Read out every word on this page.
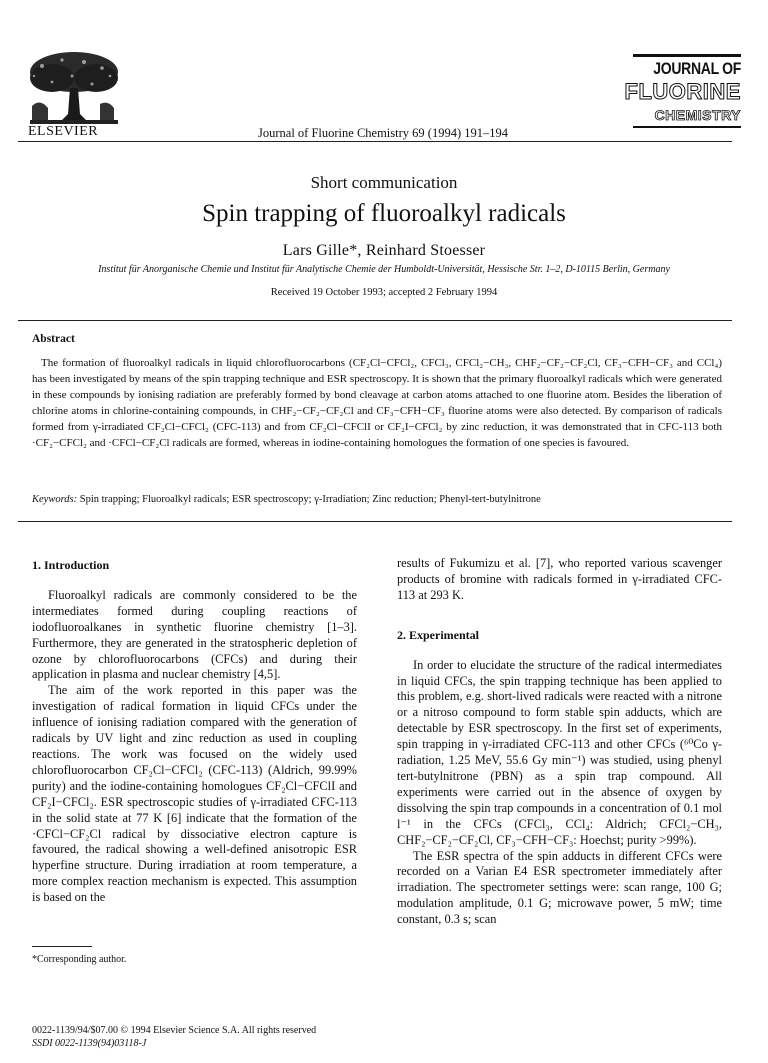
ELSEVIER	Journal of Fluorine Chemistry 69 (1994) 191–194
JOURNAL OF
FLUORINE
CHEMISTRY
Short communication
Spin trapping of fluoroalkyl radicals
Lars Gille*, Reinhard Stoesser
Institut für Anorganische Chemie und Institut für Analytische Chemie der Humboldt-Universität, Hessische Str. 1–2, D-10115 Berlin, Germany
Received 19 October 1993; accepted 2 February 1994
Abstract
The formation of fluoroalkyl radicals in liquid chlorofluorocarbons (CF₂Cl−CFCl₂, CFCl₃, CFCl₂−CH₃, CHF₂−CF₂−CF₂Cl, CF₃−CFH−CF₃ and CCl₄) has been investigated by means of the spin trapping technique and ESR spectroscopy. It is shown that the primary fluoroalkyl radicals which were generated in these compounds by ionising radiation are preferably formed by bond cleavage at carbon atoms attached to one fluorine atom. Besides the liberation of chlorine atoms in chlorine-containing compounds, in CHF₂−CF₂−CF₂Cl and CF₃−CFH−CF₃ fluorine atoms were also detected. By comparison of radicals formed from γ-irradiated CF₂Cl−CFCl₂ (CFC-113) and from CF₂Cl−CFClI or CF₂I−CFCl₂ by zinc reduction, it was demonstrated that in CFC-113 both ·CF₂−CFCl₂ and ·CFCl−CF₂Cl radicals are formed, whereas in iodine-containing homologues the formation of one species is favoured.
Keywords: Spin trapping; Fluoroalkyl radicals; ESR spectroscopy; γ-Irradiation; Zinc reduction; Phenyl-tert-butylnitrone
1. Introduction

Fluoroalkyl radicals are commonly considered to be the intermediates formed during coupling reactions of iodofluoroalkanes in synthetic fluorine chemistry [1–3]. Furthermore, they are generated in the stratospheric depletion of ozone by chlorofluorocarbons (CFCs) and during their application in plasma and nuclear chemistry [4,5].

The aim of the work reported in this paper was the investigation of radical formation in liquid CFCs under the influence of ionising radiation compared with the generation of radicals by UV light and zinc reduction as used in coupling reactions. The work was focused on the widely used chlorofluorocarbon CF₂Cl−CFCl₂ (CFC-113) (Aldrich, 99.99% purity) and the iodine-containing homologues CF₂Cl−CFClI and CF₂I−CFCl₂. ESR spectroscopic studies of γ-irradiated CFC-113 in the solid state at 77 K [6] indicate that the formation of the ·CFCl−CF₂Cl radical by dissociative electron capture is favoured, the radical showing a well-defined anisotropic ESR hyperfine structure. During irradiation at room temperature, a more complex reaction mechanism is expected. This assumption is based on the

results of Fukumizu et al. [7], who reported various scavenger products of bromine with radicals formed in γ-irradiated CFC-113 at 293 K.

2. Experimental

In order to elucidate the structure of the radical intermediates in liquid CFCs, the spin trapping technique has been applied to this problem, e.g. short-lived radicals were reacted with a nitrone or a nitroso compound to form stable spin adducts, which are detectable by ESR spectroscopy. In the first set of experiments, spin trapping in γ-irradiated CFC-113 and other CFCs (⁶⁰Co γ-radiation, 1.25 MeV, 55.6 Gy min⁻¹) was studied, using phenyl tert-butylnitrone (PBN) as a spin trap compound. All experiments were carried out in the absence of oxygen by dissolving the spin trap compounds in a concentration of 0.1 mol l⁻¹ in the CFCs (CFCl₃, CCl₄: Aldrich; CFCl₂−CH₃, CHF₂−CF₂−CF₂Cl, CF₃−CFH−CF₃: Hoechst; purity >99%).

The ESR spectra of the spin adducts in different CFCs were recorded on a Varian E4 ESR spectrometer immediately after irradiation. The spectrometer settings were: scan range, 100 G; modulation amplitude, 0.1 G; microwave power, 5 mW; time constant, 0.3 s; scan

*Corresponding author.
0022-1139/94/$07.00 © 1994 Elsevier Science S.A. All rights reserved
SSDI 0022-1139(94)03118-J
